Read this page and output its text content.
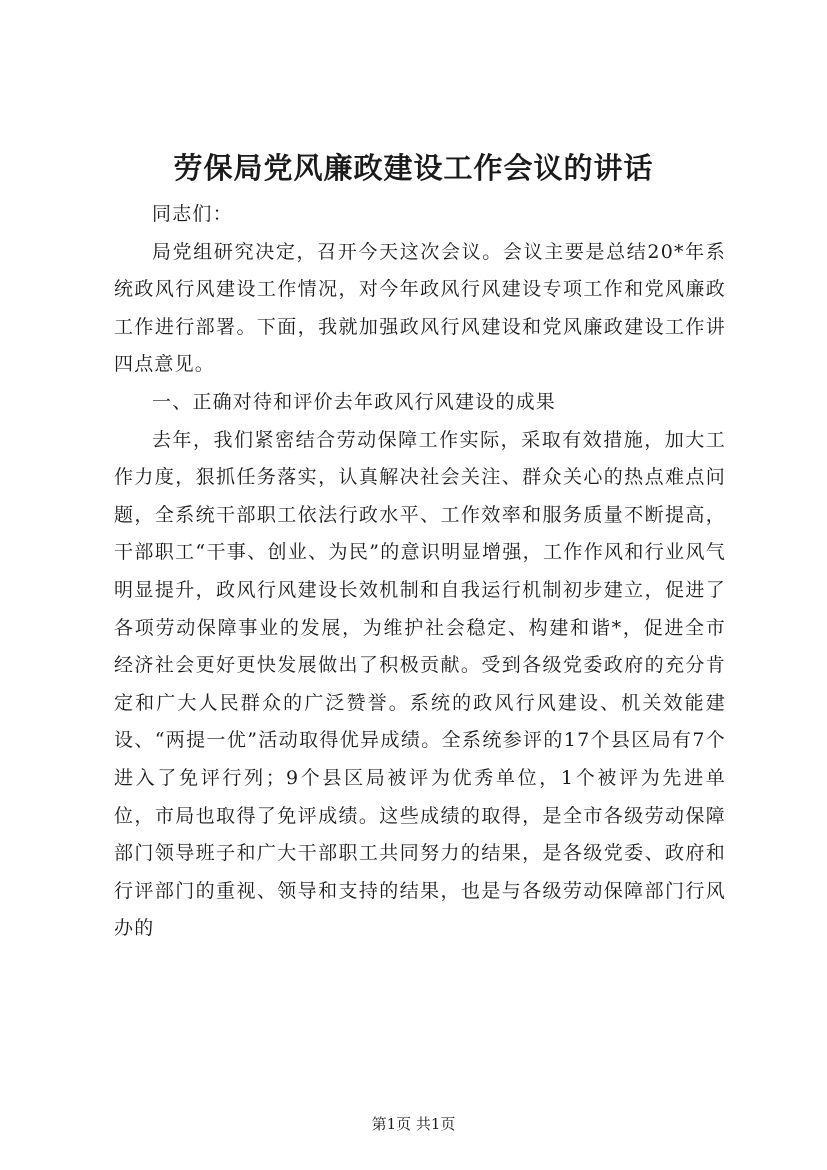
劳保局党风廉政建设工作会议的讲话

同志们：

局党组研究决定，召开今天这次会议。会议主要是总结20*年系统政风行风建设工作情况，对今年政风行风建设专项工作和党风廉政工作进行部署。下面，我就加强政风行风建设和党风廉政建设工作讲四点意见。

一、正确对待和评价去年政风行风建设的成果

去年，我们紧密结合劳动保障工作实际，采取有效措施，加大工作力度，狠抓任务落实，认真解决社会关注、群众关心的热点难点问题，全系统干部职工依法行政水平、工作效率和服务质量不断提高，干部职工“干事、创业、为民”的意识明显增强，工作作风和行业风气明显提升，政风行风建设长效机制和自我运行机制初步建立，促进了各项劳动保障事业的发展，为维护社会稳定、构建和谐*，促进全市经济社会更好更快发展做出了积极贡献。受到各级党委政府的充分肯定和广大人民群众的广泛赞誉。系统的政风行风建设、机关效能建设、“两提一优”活动取得优异成绩。全系统参评的17个县区局有7个进入了免评行列；9个县区局被评为优秀单位，1个被评为先进单位，市局也取得了免评成绩。这些成绩的取得，是全市各级劳动保障部门领导班子和广大干部职工共同努力的结果，是各级党委、政府和行评部门的重视、领导和支持的结果，也是与各级劳动保障部门行风办的

第1页 共1页
